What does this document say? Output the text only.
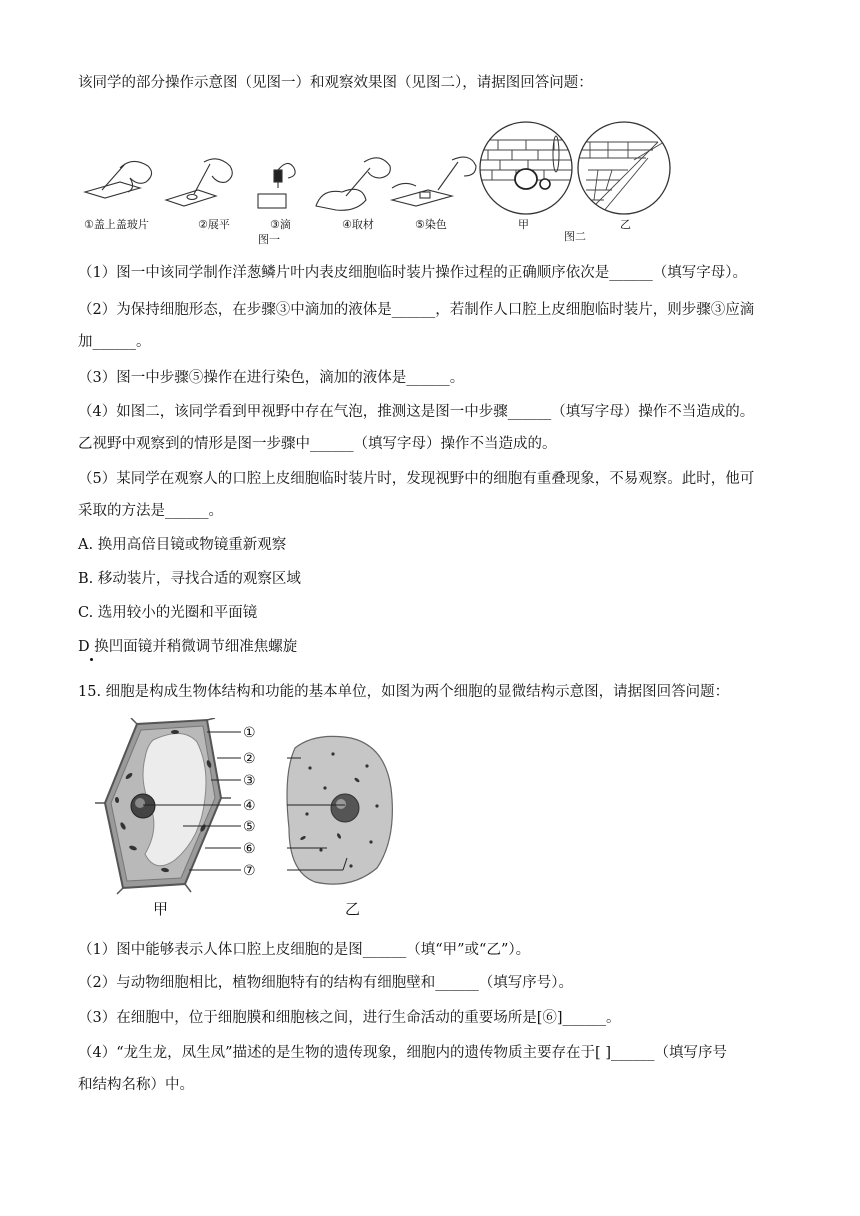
该同学的部分操作示意图（见图一）和观察效果图（见图二），请据图回答问题：
①盖上盖玻片	②展平	③滴	④取材	⑤染色
图一
甲	乙
图二
（1）图一中该同学制作洋葱鳞片叶内表皮细胞临时装片操作过程的正确顺序依次是______（填写字母）。
（2）为保持细胞形态，在步骤③中滴加的液体是______，若制作人口腔上皮细胞临时装片，则步骤③应滴
加______。
（3）图一中步骤⑤操作在进行染色，滴加的液体是______。
（4）如图二，该同学看到甲视野中存在气泡，推测这是图一中步骤______（填写字母）操作不当造成的。
乙视野中观察到的情形是图一步骤中______（填写字母）操作不当造成的。
（5）某同学在观察人的口腔上皮细胞临时装片时，发现视野中的细胞有重叠现象，不易观察。此时，他可
采取的方法是______。
A. 换用高倍目镜或物镜重新观察
B. 移动装片，寻找合适的观察区域
C. 选用较小的光圈和平面镜
D 换凹面镜并稍微调节细准焦螺旋
15. 细胞是构成生物体结构和功能的基本单位，如图为两个细胞的显微结构示意图，请据图回答问题：
①
②
③
④
⑤
⑥
⑦
甲	乙
（1）图中能够表示人体口腔上皮细胞的是图______（填“甲”或“乙”）。
（2）与动物细胞相比，植物细胞特有的结构有细胞壁和______（填写序号）。
（3）在细胞中，位于细胞膜和细胞核之间，进行生命活动的重要场所是[⑥]______。
（4）“龙生龙，凤生凤”描述的是生物的遗传现象，细胞内的遗传物质主要存在于[ ]______（填写序号
和结构名称）中。
